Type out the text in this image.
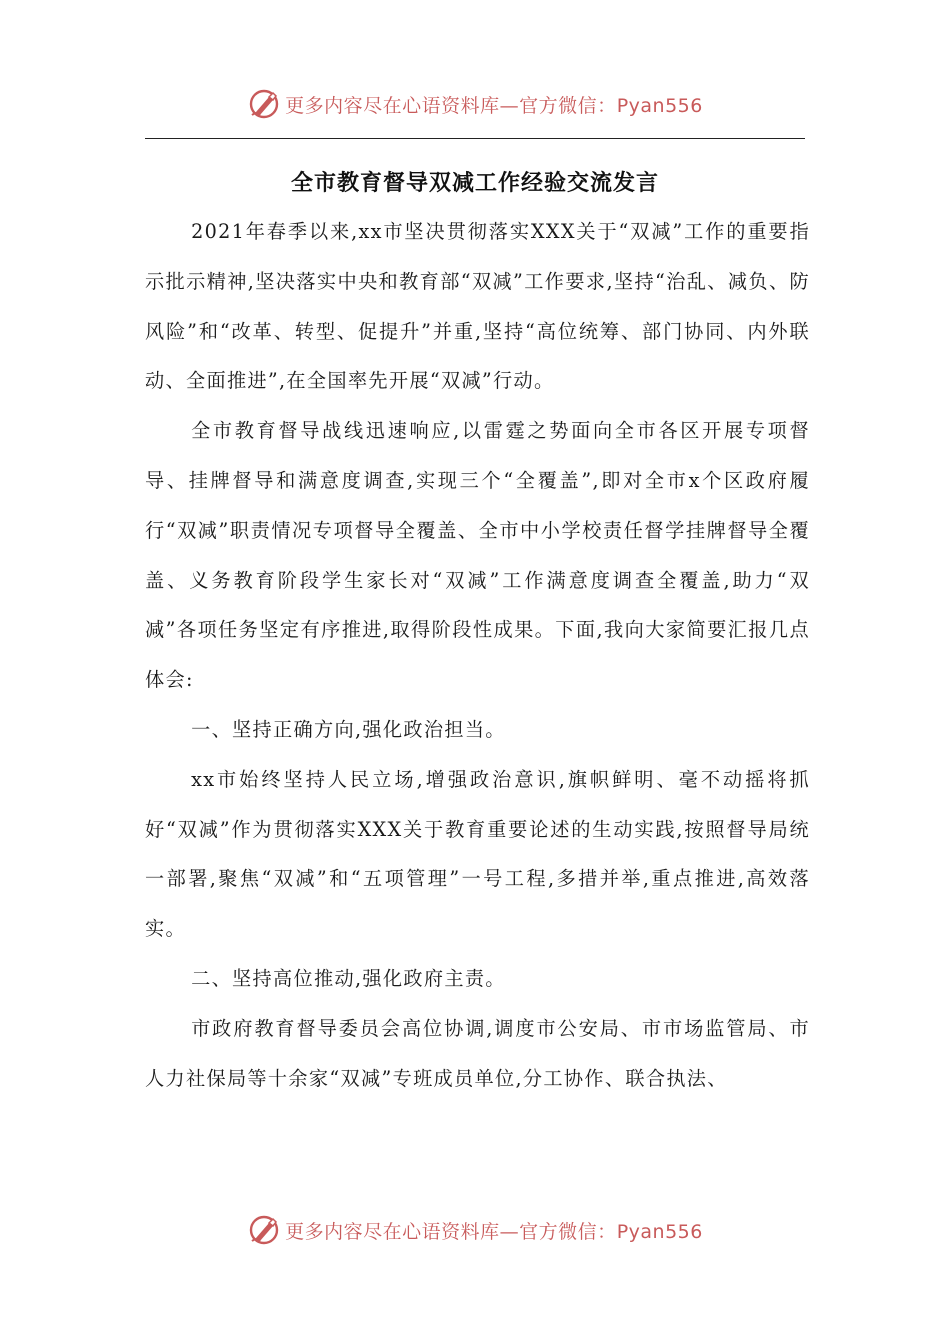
更多内容尽在心语资料库—官方微信：Pyan556
全市教育督导双减工作经验交流发言

2021年春季以来,xx市坚决贯彻落实XXX关于“双减”工作的重要指示批示精神,坚决落实中央和教育部“双减”工作要求,坚持“治乱、减负、防风险”和“改革、转型、促提升”并重,坚持“高位统筹、部门协同、内外联动、全面推进”,在全国率先开展“双减”行动。

全市教育督导战线迅速响应,以雷霆之势面向全市各区开展专项督导、挂牌督导和满意度调查,实现三个“全覆盖”,即对全市x个区政府履行“双减”职责情况专项督导全覆盖、全市中小学校责任督学挂牌督导全覆盖、义务教育阶段学生家长对“双减”工作满意度调查全覆盖,助力“双减”各项任务坚定有序推进,取得阶段性成果。下面,我向大家简要汇报几点体会:

一、坚持正确方向,强化政治担当。

xx市始终坚持人民立场,增强政治意识,旗帜鲜明、毫不动摇将抓好“双减”作为贯彻落实XXX关于教育重要论述的生动实践,按照督导局统一部署,聚焦“双减”和“五项管理”一号工程,多措并举,重点推进,高效落实。

二、坚持高位推动,强化政府主责。

市政府教育督导委员会高位协调,调度市公安局、市市场监管局、市人力社保局等十余家“双减”专班成员单位,分工协作、联合执法、

更多内容尽在心语资料库—官方微信：Pyan556
